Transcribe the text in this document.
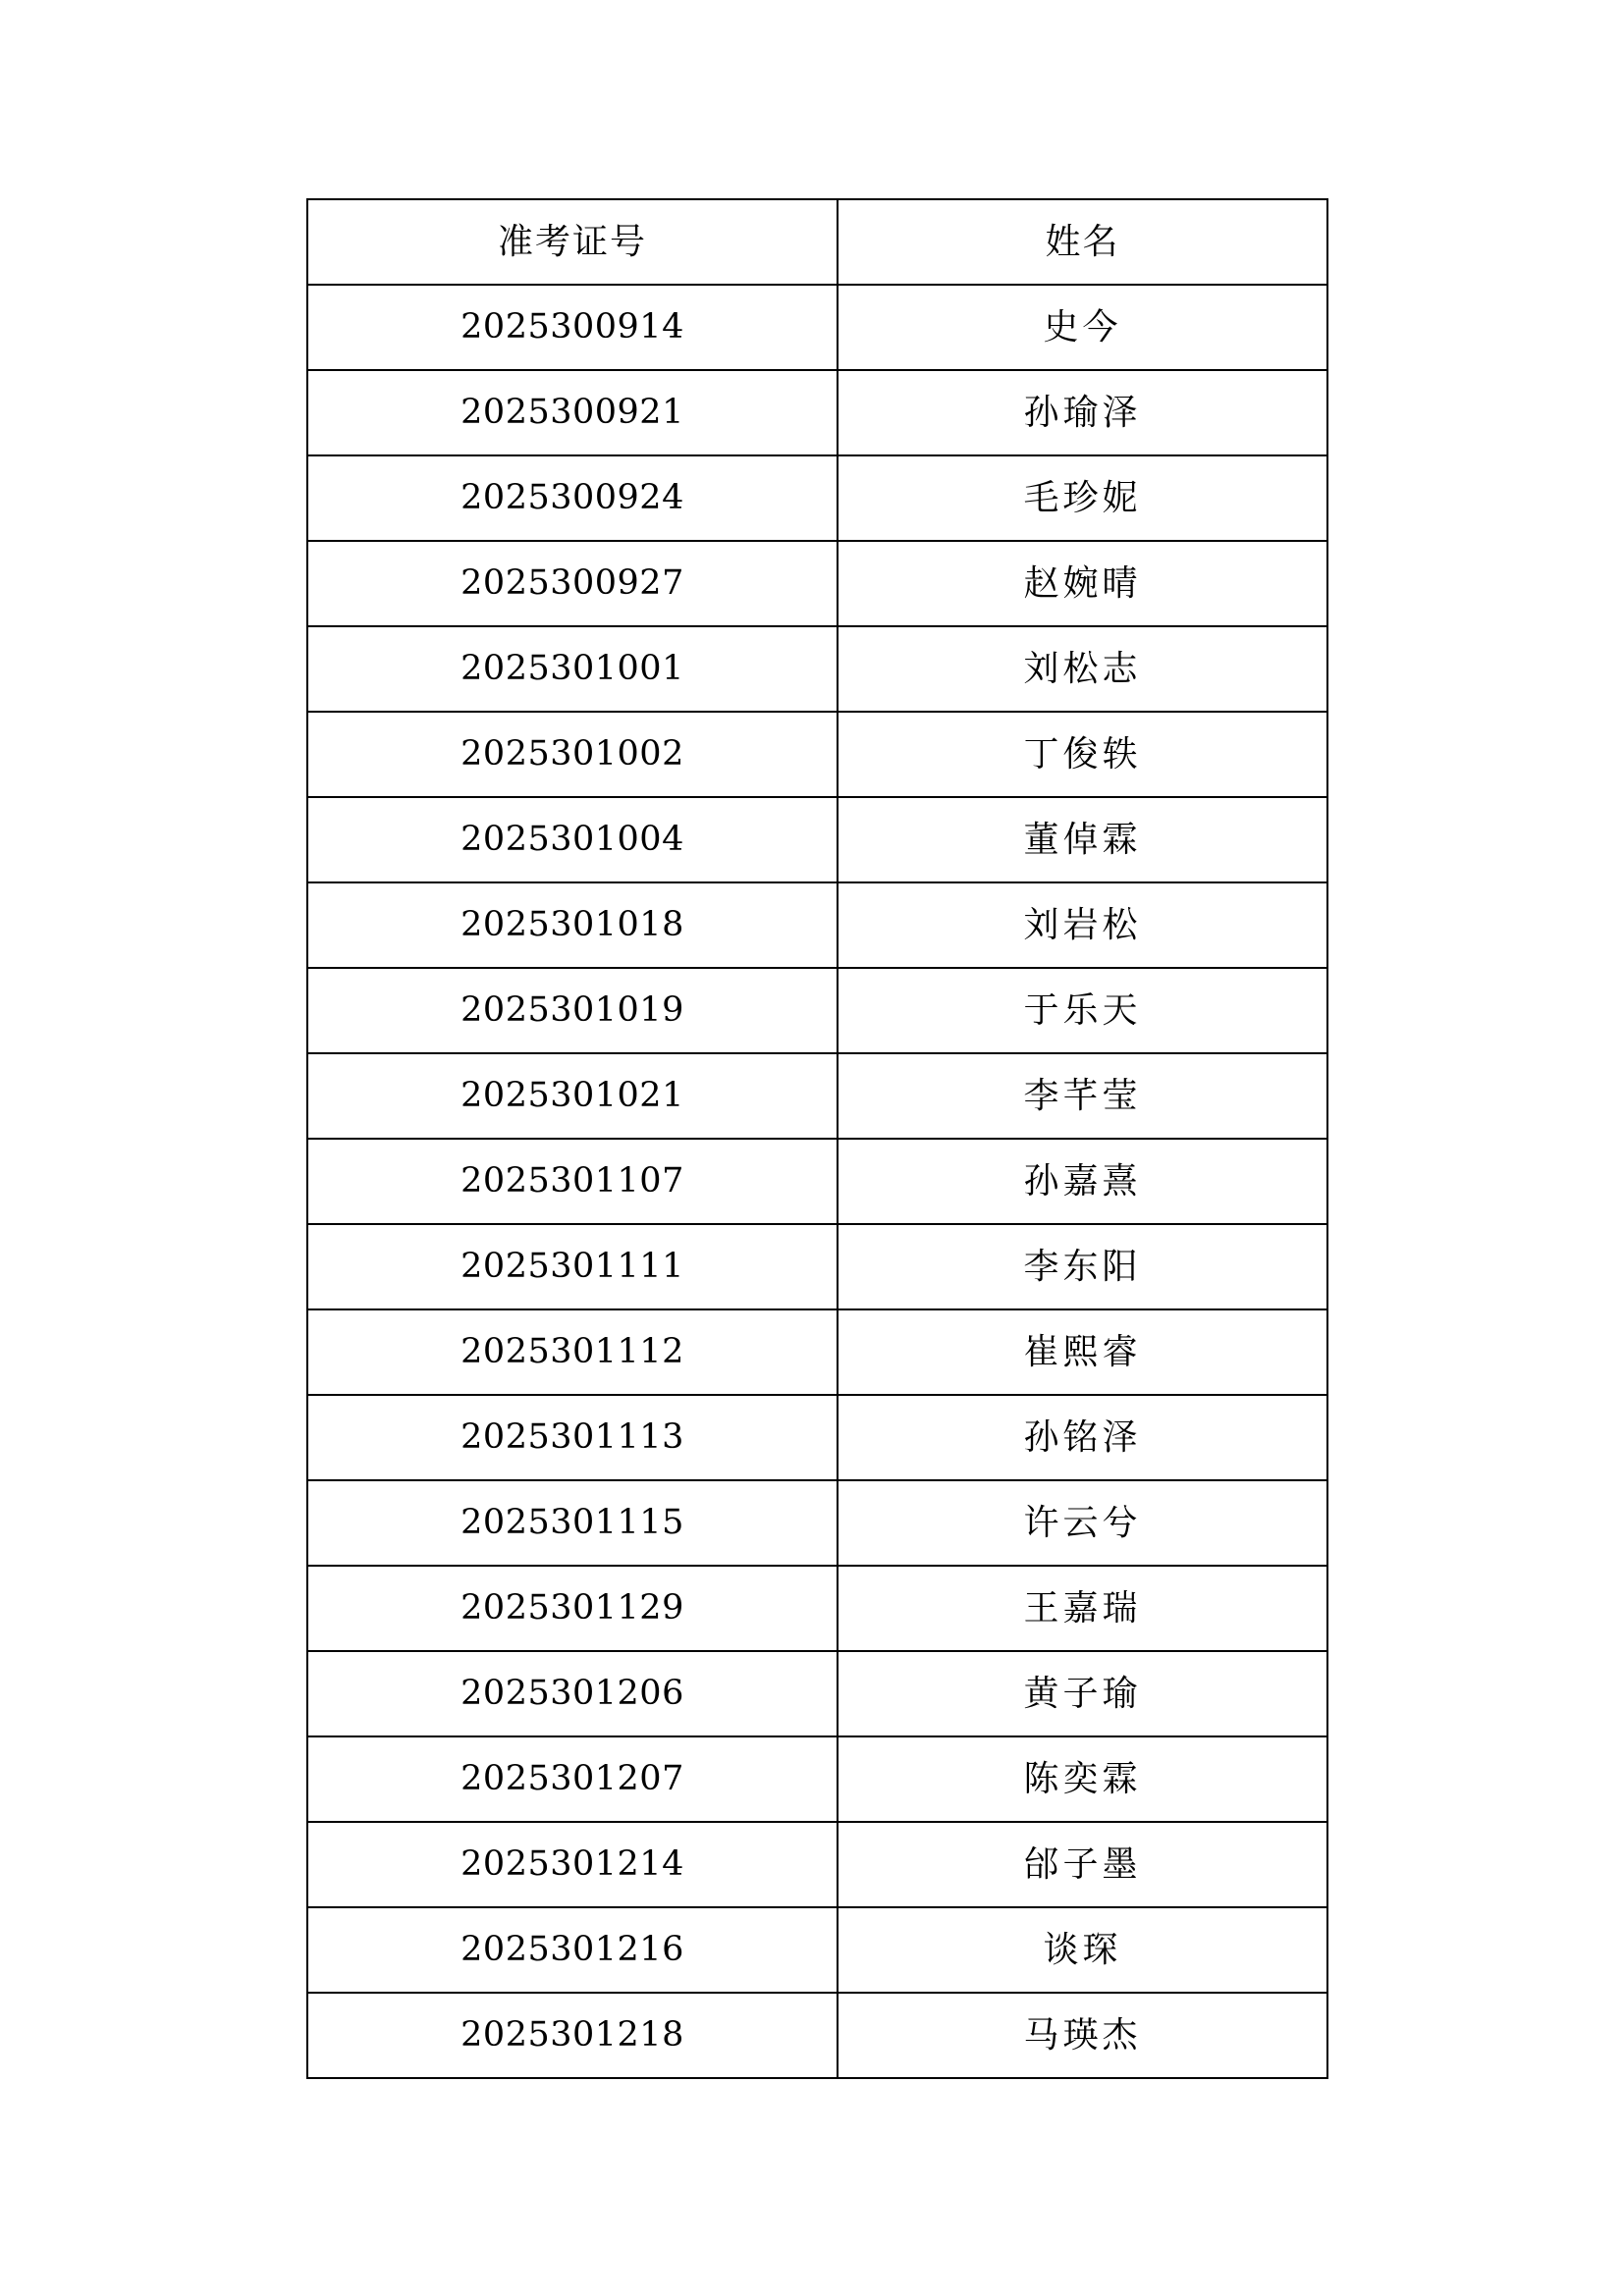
准考证号	姓名
2025300914	史今
2025300921	孙瑜泽
2025300924	毛珍妮
2025300927	赵婉晴
2025301001	刘松志
2025301002	丁俊轶
2025301004	董倬霖
2025301018	刘岩松
2025301019	于乐天
2025301021	李芊莹
2025301107	孙嘉熹
2025301111	李东阳
2025301112	崔熙睿
2025301113	孙铭泽
2025301115	许云兮
2025301129	王嘉瑞
2025301206	黄子瑜
2025301207	陈奕霖
2025301214	邰子墨
2025301216	谈琛
2025301218	马瑛杰
